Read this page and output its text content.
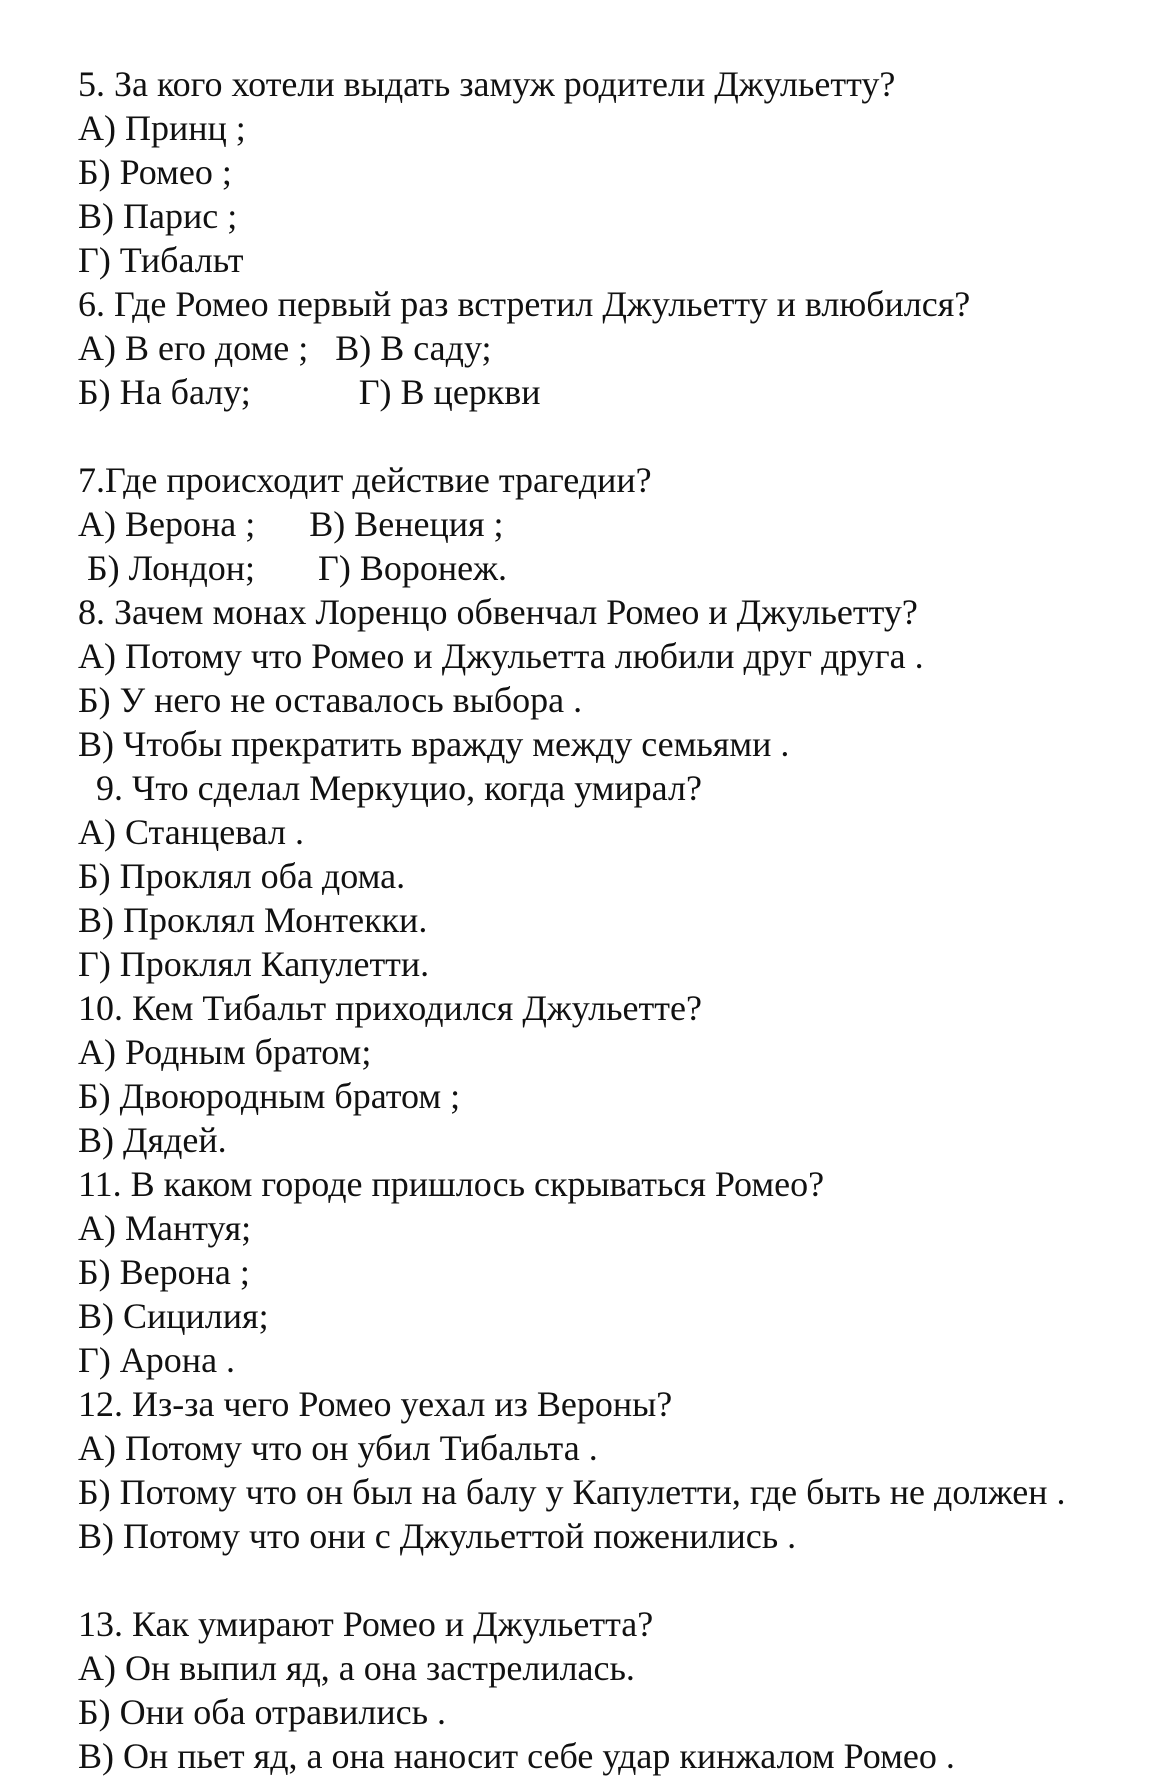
5. За кого хотели выдать замуж родители Джульетту?
А) Принц ;
Б) Ромео ;
В) Парис ;
Г) Тибальт
6. Где Ромео первый раз встретил Джульетту и влюбился?
А) В его доме ;   В) В саду;
Б) На балу;            Г) В церкви
7.Где происходит действие трагедии?
А) Верона ;      В) Венеция ;
Б) Лондон;       Г) Воронеж.
8. Зачем монах Лоренцо обвенчал Ромео и Джульетту?
А) Потому что Ромео и Джульетта любили друг друга .
Б) У него не оставалось выбора .
В) Чтобы прекратить вражду между семьями .
9. Что сделал Меркуцио, когда умирал?
А) Станцевал .
Б) Проклял оба дома.
В) Проклял Монтекки.
Г) Проклял Капулетти.
10. Кем Тибальт приходился Джульетте?
А) Родным братом;
Б) Двоюродным братом ;
В) Дядей.
11. В каком городе пришлось скрываться Ромео?
А) Мантуя;
Б) Верона ;
В) Сицилия;
Г) Арона .
12. Из-за чего Ромео уехал из Вероны?
А) Потому что он убил Тибальта .
Б) Потому что он был на балу у Капулетти, где быть не должен .
В) Потому что они с Джульеттой поженились .
13. Как умирают Ромео и Джульетта?
А) Он выпил яд, а она застрелилась.
Б) Они оба отравились .
В) Он пьет яд, а она наносит себе удар кинжалом Ромео .
